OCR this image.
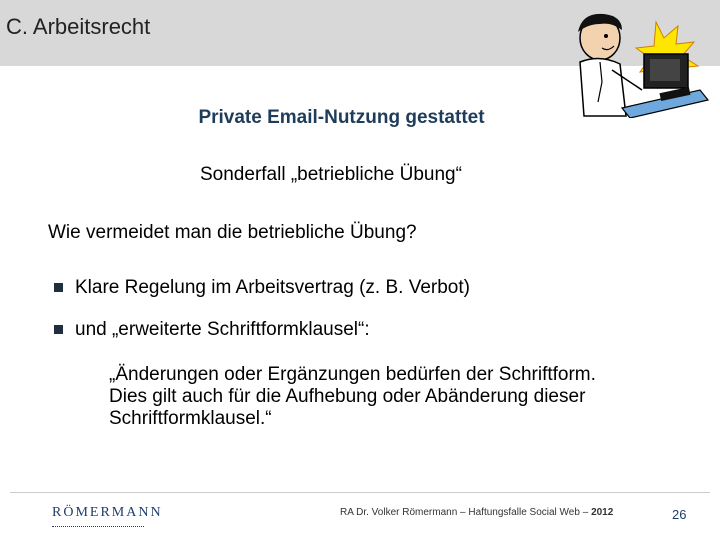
C. Arbeitsrecht
Private Email-Nutzung gestattet
Sonderfall „betriebliche Übung“
Wie vermeidet man die betriebliche Übung?
Klare Regelung im Arbeitsvertrag (z. B. Verbot)
und „erweiterte Schriftformklausel“:
„Änderungen oder Ergänzungen bedürfen der Schriftform.
Dies gilt auch für die Aufhebung oder Abänderung dieser
Schriftformklausel.“
RÖMERMANN	RA Dr. Volker Römermann – Haftungsfalle Social Web – 2012	26
